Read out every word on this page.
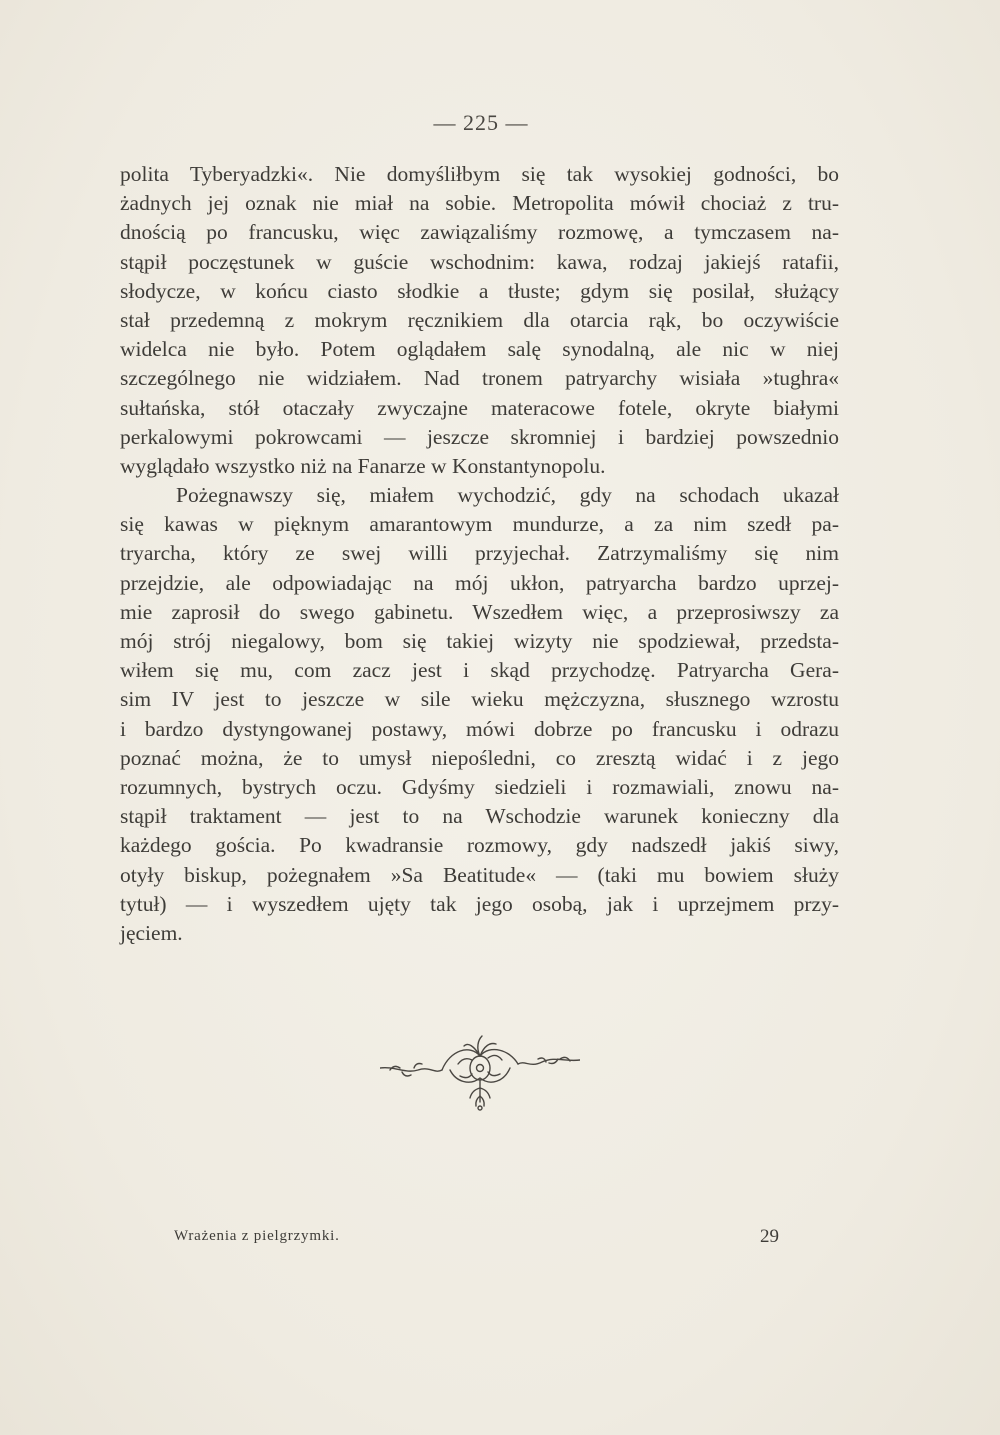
— 225 —

polita Tyberyadzki«. Nie domyśliłbym się tak wysokiej godności, bo
żadnych jej oznak nie miał na sobie. Metropolita mówił chociaż z tru-
dnością po francusku, więc zawiązaliśmy rozmowę, a tymczasem na-
stąpił poczęstunek w guście wschodnim: kawa, rodzaj jakiejś ratafii,
słodycze, w końcu ciasto słodkie a tłuste; gdym się posilał, służący
stał przedemną z mokrym ręcznikiem dla otarcia rąk, bo oczywiście
widelca nie było. Potem oglądałem salę synodalną, ale nic w niej
szczególnego nie widziałem. Nad tronem patryarchy wisiała »tughra«
sułtańska, stół otaczały zwyczajne materacowe fotele, okryte białymi
perkalowymi pokrowcami — jeszcze skromniej i bardziej powszednio
wyglądało wszystko niż na Fanarze w Konstantynopolu.

Pożegnawszy się, miałem wychodzić, gdy na schodach ukazał
się kawas w pięknym amarantowym mundurze, a za nim szedł pa-
tryarcha, który ze swej willi przyjechał. Zatrzymaliśmy się nim
przejdzie, ale odpowiadając na mój ukłon, patryarcha bardzo uprzej-
mie zaprosił do swego gabinetu. Wszedłem więc, a przeprosiwszy za
mój strój niegalowy, bom się takiej wizyty nie spodziewał, przedsta-
wiłem się mu, com zacz jest i skąd przychodzę. Patryarcha Gera-
sim IV jest to jeszcze w sile wieku mężczyzna, słusznego wzrostu
i bardzo dystyngowanej postawy, mówi dobrze po francusku i odrazu
poznać można, że to umysł niepośledni, co zresztą widać i z jego
rozumnych, bystrych oczu. Gdyśmy siedzieli i rozmawiali, znowu na-
stąpił traktament — jest to na Wschodzie warunek konieczny dla
każdego gościa. Po kwadransie rozmowy, gdy nadszedł jakiś siwy,
otyły biskup, pożegnałem »Sa Beatitude« — (taki mu bowiem służy
tytuł) — i wyszedłem ujęty tak jego osobą, jak i uprzejmem przy-
jęciem.

Wrażenia z pielgrzymki.	29
